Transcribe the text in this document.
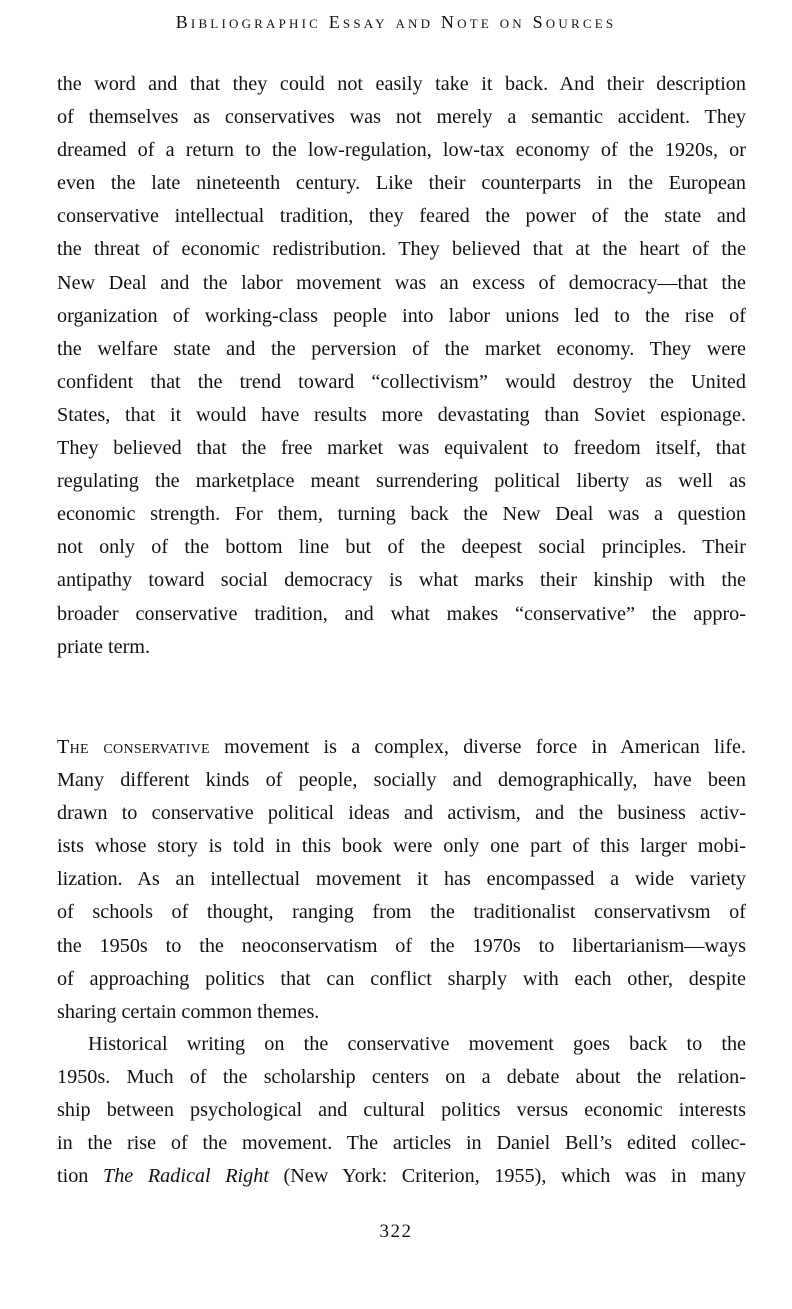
Bibliographic Essay and Note on Sources
the word and that they could not easily take it back. And their description
of themselves as conservatives was not merely a semantic accident. They
dreamed of a return to the low-regulation, low-tax economy of the 1920s, or
even the late nineteenth century. Like their counterparts in the European
conservative intellectual tradition, they feared the power of the state and
the threat of economic redistribution. They believed that at the heart of the
New Deal and the labor movement was an excess of democracy—that the
organization of working-class people into labor unions led to the rise of
the welfare state and the perversion of the market economy. They were
confident that the trend toward “collectivism” would destroy the United
States, that it would have results more devastating than Soviet espionage.
They believed that the free market was equivalent to freedom itself, that
regulating the marketplace meant surrendering political liberty as well as
economic strength. For them, turning back the New Deal was a question
not only of the bottom line but of the deepest social principles. Their
antipathy toward social democracy is what marks their kinship with the
broader conservative tradition, and what makes “conservative” the appro-
priate term.
The conservative movement is a complex, diverse force in American life.
Many different kinds of people, socially and demographically, have been
drawn to conservative political ideas and activism, and the business activ-
ists whose story is told in this book were only one part of this larger mobi-
lization. As an intellectual movement it has encompassed a wide variety
of schools of thought, ranging from the traditionalist conservativsm of
the 1950s to the neoconservatism of the 1970s to libertarianism—ways
of approaching politics that can conflict sharply with each other, despite
sharing certain common themes.
Historical writing on the conservative movement goes back to the
1950s. Much of the scholarship centers on a debate about the relation-
ship between psychological and cultural politics versus economic interests
in the rise of the movement. The articles in Daniel Bell’s edited collec-
tion The Radical Right (New York: Criterion, 1955), which was in many
322
